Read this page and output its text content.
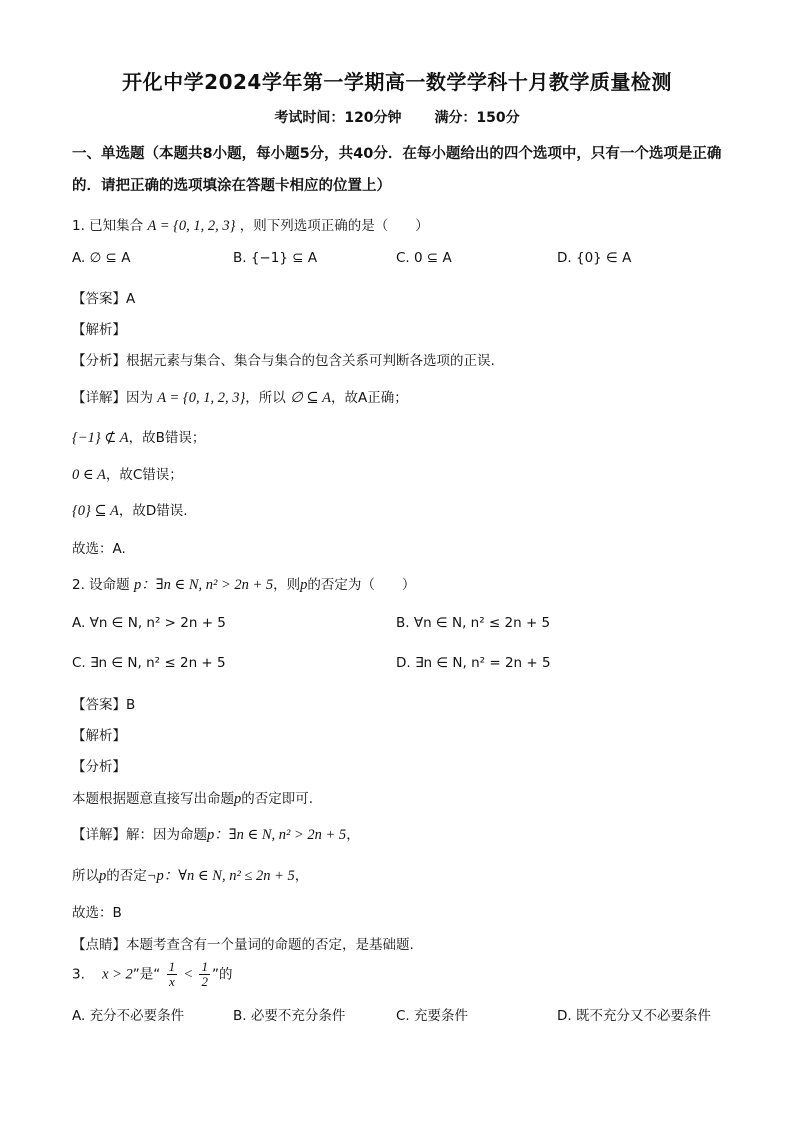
开化中学2024学年第一学期高一数学学科十月教学质量检测
考试时间：120分钟 满分：150分
一、单选题（本题共8小题，每小题5分，共40分．在每小题给出的四个选项中，只有一个选项是正确的．请把正确的选项填涂在答题卡相应的位置上）
1. 已知集合 A = {0, 1, 2, 3} ，则下列选项正确的是（　　）
A. ∅ ⊆ A	B. {−1} ⊆ A	C. 0 ⊆ A	D. {0} ∈ A
【答案】A
【解析】
【分析】根据元素与集合、集合与集合的包含关系可判断各选项的正误.
【详解】因为 A = {0, 1, 2, 3}，所以 ∅ ⊆ A，故A正确；
{−1} ⊄ A，故B错误；
0 ∈ A，故C错误；
{0} ⊆ A，故D错误.
故选：A.
2. 设命题 p：∃n ∈ N, n² > 2n + 5，则p的否定为（　　）
A. ∀n ∈ N, n² > 2n + 5	B. ∀n ∈ N, n² ≤ 2n + 5
C. ∃n ∈ N, n² ≤ 2n + 5	D. ∃n ∈ N, n² = 2n + 5
【答案】B
【解析】
【分析】
本题根据题意直接写出命题p的否定即可.
【详解】解：因为命题p：∃n ∈ N, n² > 2n + 5，
所以p的否定¬p：∀n ∈ N, n² ≤ 2n + 5，
故选：B
【点睛】本题考查含有一个量词的命题的否定，是基础题.
3. x > 2”是“ $\frac{1}{x} < \frac{1}{2}$ ”的
A. 充分不必要条件	B. 必要不充分条件	C. 充要条件	D. 既不充分又不必要条件
